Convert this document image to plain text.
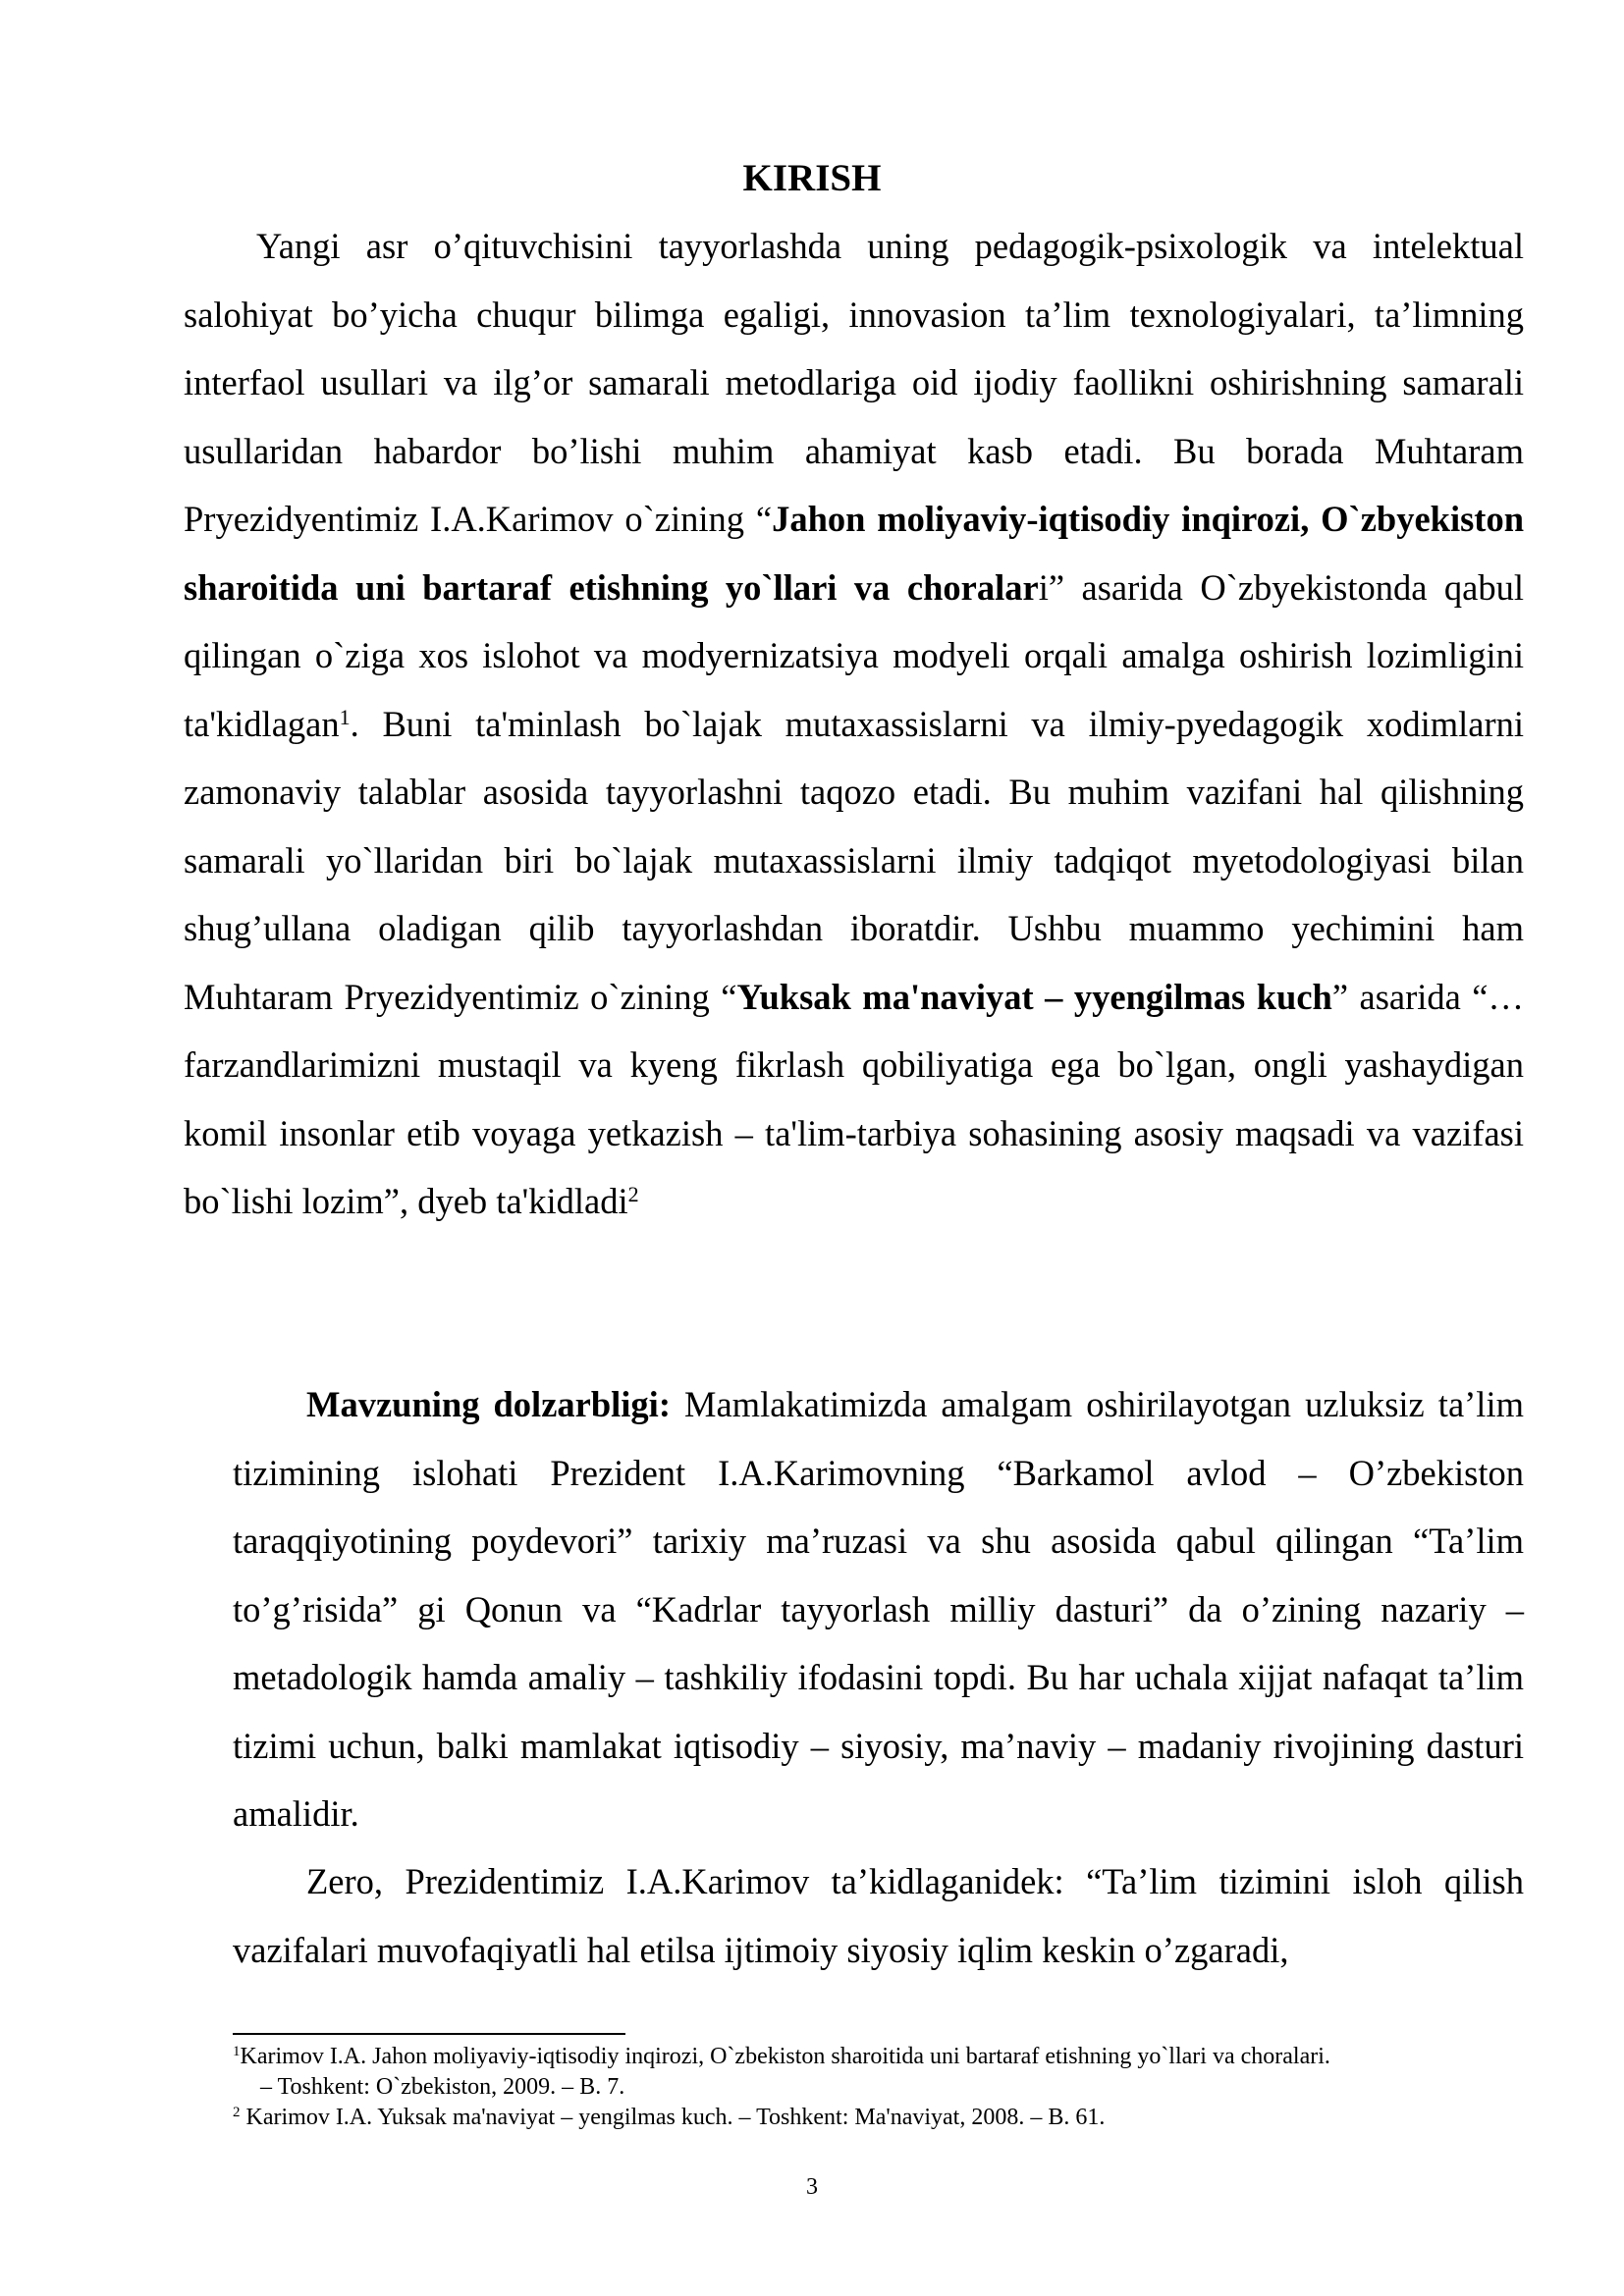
KIRISH

Yangi asr o’qituvchisini tayyorlashda uning pedagogik-psixologik va intelektual salohiyat bo’yicha chuqur bilimga egaligi, innovasion ta’lim texnologiyalari, ta’limning interfaol usullari va ilg’or samarali metodlariga oid ijodiy faollikni oshirishning samarali usullaridan habardor bo’lishi muhim ahamiyat kasb etadi. Bu borada Muhtaram Pryezidyentimiz I.A.Karimov o`zining “Jahon moliyaviy-iqtisodiy inqirozi, O`zbyekiston sharoitida uni bartaraf etishning yo`llari va choralari” asarida O`zbyekistonda qabul qilingan o`ziga xos islohot va modyernizatsiya modyeli orqali amalga oshirish lozimligini ta'kidlagan$^1$. Buni ta'minlash bo`lajak mutaxassislarni va ilmiy-pyedagogik xodimlarni zamonaviy talablar asosida tayyorlashni taqozo etadi. Bu muhim vazifani hal qilishning samarali yo`llaridan biri bo`lajak mutaxassislarni ilmiy tadqiqot myetodologiyasi bilan shug’ullana oladigan qilib tayyorlashdan iboratdir. Ushbu muammo yechimini ham Muhtaram Pryezidyentimiz o`zining “Yuksak ma'naviyat – yyengilmas kuch” asarida “…farzandlarimizni mustaqil va kyeng fikrlash qobiliyatiga ega bo`lgan, ongli yashaydigan komil insonlar etib voyaga yetkazish – ta'lim-tarbiya sohasining asosiy maqsadi va vazifasi bo`lishi lozim”, dyeb ta'kidladi$^2$

Mavzuning dolzarbligi: Mamlakatimizda amalgam oshirilayotgan uzluksiz ta’lim tizimining islohati Prezident I.A.Karimovning “Barkamol avlod – O’zbekiston taraqqiyotining poydevori” tarixiy ma’ruzasi va shu asosida qabul qilingan “Ta’lim to’g’risida” gi Qonun va “Kadrlar tayyorlash milliy dasturi” da o’zining nazariy – metadologik hamda amaliy – tashkiliy ifodasini topdi. Bu har uchala xijjat nafaqat ta’lim tizimi uchun, balki mamlakat iqtisodiy – siyosiy, ma’naviy – madaniy rivojining dasturi amalidir.

Zero, Prezidentimiz I.A.Karimov ta’kidlaganidek: “Ta’lim tizimini isloh qilish vazifalari muvofaqiyatli hal etilsa ijtimoiy siyosiy iqlim keskin o’zgaradi,

$^1$Karimov I.A. Jahon moliyaviy-iqtisodiy inqirozi, O`zbekiston sharoitida uni bartaraf etishning yo`llari va choralari.

– Toshkent: O`zbekiston, 2009. – B. 7.

$^2$ Karimov I.A. Yuksak ma'naviyat – yengilmas kuch. – Toshkent: Ma'naviyat, 2008. – B. 61.

3
